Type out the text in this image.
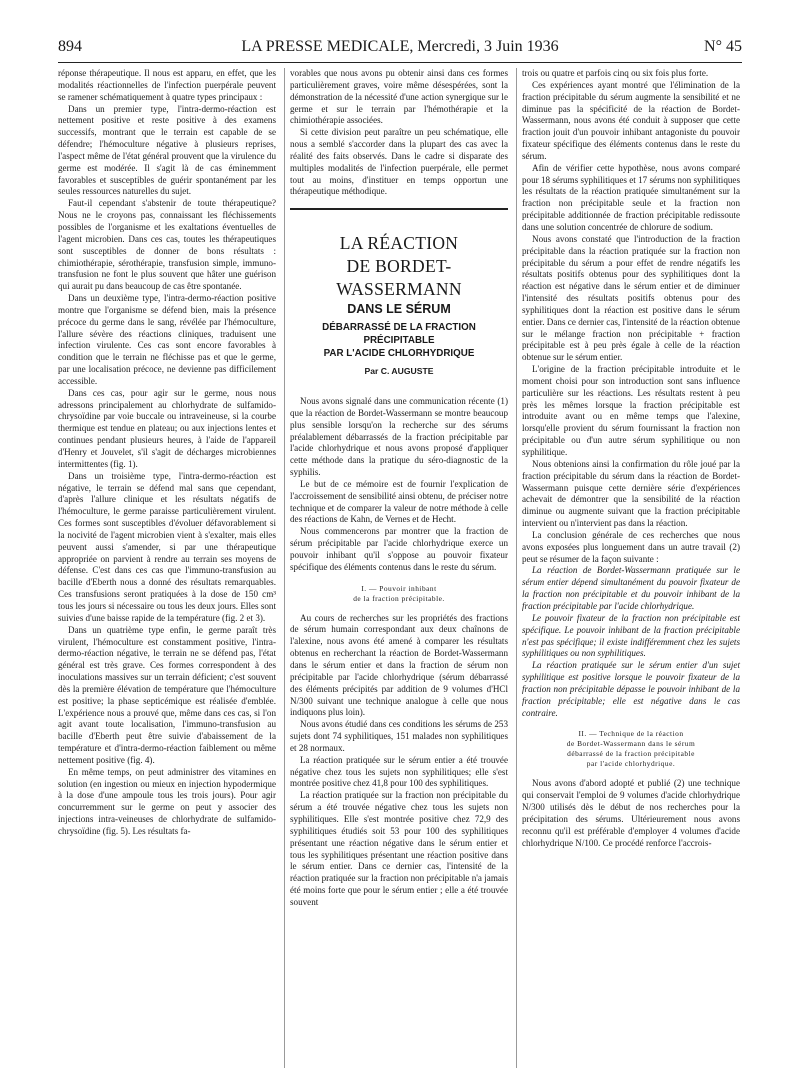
894	LA PRESSE MEDICALE, Mercredi, 3 Juin 1936	N° 45

réponse thérapeutique. Il nous est apparu, en effet, que les modalités réactionnelles de l'infection puerpérale peuvent se ramener schématiquement à quatre types principaux :

Dans un premier type, l'intra-dermo-réaction est nettement positive et reste positive à des examens successifs, montrant que le terrain est capable de se défendre; l'hémoculture négative à plusieurs reprises, l'aspect même de l'état général prouvent que la virulence du germe est modérée. Il s'agit là de cas éminemment favorables et susceptibles de guérir spontanément par les seules ressources naturelles du sujet.

Faut-il cependant s'abstenir de toute thérapeutique? Nous ne le croyons pas, connaissant les fléchissements possibles de l'organisme et les exaltations éventuelles de l'agent microbien. Dans ces cas, toutes les thérapeutiques sont susceptibles de donner de bons résultats : chimiothérapie, sérothérapie, transfusion simple, immuno-transfusion ne font le plus souvent que hâter une guérison qui aurait pu dans beaucoup de cas être spontanée.

Dans un deuxième type, l'intra-dermo-réaction positive montre que l'organisme se défend bien, mais la présence précoce du germe dans le sang, révélée par l'hémoculture, l'allure sévère des réactions cliniques, traduisent une infection virulente. Ces cas sont encore favorables à condition que le terrain ne fléchisse pas et que le germe, par une localisation précoce, ne devienne pas difficilement accessible.

Dans ces cas, pour agir sur le germe, nous nous adressons principalement au chlorhydrate de sulfamido-chrysoïdine par voie buccale ou intraveineuse, si la courbe thermique est tendue en plateau; ou aux injections lentes et continues pendant plusieurs heures, à l'aide de l'appareil d'Henry et Jouvelet, s'il s'agit de décharges microbiennes intermittentes (fig. 1).

Dans un troisième type, l'intra-dermo-réaction est négative, le terrain se défend mal sans que cependant, d'après l'allure clinique et les résultats négatifs de l'hémoculture, le germe paraisse particulièrement virulent. Ces formes sont susceptibles d'évoluer défavorablement si la nocivité de l'agent microbien vient à s'exalter, mais elles peuvent aussi s'amender, si par une thérapeutique appropriée on parvient à rendre au terrain ses moyens de défense. C'est dans ces cas que l'immuno-transfusion au bacille d'Eberth nous a donné des résultats remarquables. Ces transfusions seront pratiquées à la dose de 150 cm³ tous les jours si nécessaire ou tous les deux jours. Elles sont suivies d'une baisse rapide de la température (fig. 2 et 3).

Dans un quatrième type enfin, le germe paraît très virulent, l'hémoculture est constamment positive, l'intra-dermo-réaction négative, le terrain ne se défend pas, l'état général est très grave. Ces formes correspondent à des inoculations massives sur un terrain déficient; c'est souvent dès la première élévation de température que l'hémoculture est positive; la phase septicémique est réalisée d'emblée. L'expérience nous a prouvé que, même dans ces cas, si l'on agit avant toute localisation, l'immuno-transfusion au bacille d'Eberth peut être suivie d'abaissement de la température et d'intra-dermo-réaction faiblement ou même nettement positive (fig. 4).

En même temps, on peut administrer des vitamines en solution (en ingestion ou mieux en injection hypodermique à la dose d'une ampoule tous les trois jours). Pour agir concurremment sur le germe on peut y associer des injections intra-veineuses de chlorhydrate de sulfamido-chrysoïdine (fig. 5). Les résultats fa-

vorables que nous avons pu obtenir ainsi dans ces formes particulièrement graves, voire même désespérées, sont la démonstration de la nécessité d'une action synergique sur le germe et sur le terrain par l'hémothérapie et la chimiothérapie associées.

Si cette division peut paraître un peu schématique, elle nous a semblé s'accorder dans la plupart des cas avec la réalité des faits observés. Dans le cadre si disparate des multiples modalités de l'infection puerpérale, elle permet tout au moins, d'instituer en temps opportun une thérapeutique méthodique.

LA RÉACTION
DE BORDET-WASSERMANN
DANS LE SÉRUM
DÉBARRASSÉ DE LA FRACTION
PRÉCIPITABLE
PAR L'ACIDE CHLORHYDRIQUE
Par C. AUGUSTE

Nous avons signalé dans une communication récente (1) que la réaction de Bordet-Wassermann se montre beaucoup plus sensible lorsqu'on la recherche sur des sérums préalablement débarrassés de la fraction précipitable par l'acide chlorhydrique et nous avons proposé d'appliquer cette méthode dans la pratique du séro-diagnostic de la syphilis.

Le but de ce mémoire est de fournir l'explication de l'accroissement de sensibilité ainsi obtenu, de préciser notre technique et de comparer la valeur de notre méthode à celle des réactions de Kahn, de Vernes et de Hecht.

Nous commencerons par montrer que la fraction de sérum précipitable par l'acide chlorhydrique exerce un pouvoir inhibant qu'il s'oppose au pouvoir fixateur spécifique des éléments contenus dans le reste du sérum.

I. — Pouvoir inhibant
de la fraction précipitable.

Au cours de recherches sur les propriétés des fractions de sérum humain correspondant aux deux chaînons de l'alexine, nous avons été amené à comparer les résultats obtenus en recherchant la réaction de Bordet-Wassermann dans le sérum entier et dans la fraction de sérum non précipitable par l'acide chlorhydrique (sérum débarrassé des éléments précipités par addition de 9 volumes d'HCl N/300 suivant une technique analogue à celle que nous indiquons plus loin).

Nous avons étudié dans ces conditions les sérums de 253 sujets dont 74 syphilitiques, 151 malades non syphilitiques et 28 normaux.

La réaction pratiquée sur le sérum entier a été trouvée négative chez tous les sujets non syphilitiques; elle s'est montrée positive chez 41,8 pour 100 des syphilitiques.

La réaction pratiquée sur la fraction non précipitable du sérum a été trouvée négative chez tous les sujets non syphilitiques. Elle s'est montrée positive chez 72,9 des syphilitiques étudiés soit 53 pour 100 des syphilitiques présentant une réaction négative dans le sérum entier et tous les syphilitiques présentant une réaction positive dans le sérum entier. Dans ce dernier cas, l'intensité de la réaction pratiquée sur la fraction non précipitable n'a jamais été moins forte que pour le sérum entier ; elle a été trouvée souvent

trois ou quatre et parfois cinq ou six fois plus forte.

Ces expériences ayant montré que l'élimination de la fraction précipitable du sérum augmente la sensibilité et ne diminue pas la spécificité de la réaction de Bordet-Wassermann, nous avons été conduit à supposer que cette fraction jouit d'un pouvoir inhibant antagoniste du pouvoir fixateur spécifique des éléments contenus dans le reste du sérum.

Afin de vérifier cette hypothèse, nous avons comparé pour 18 sérums syphilitiques et 17 sérums non syphilitiques les résultats de la réaction pratiquée simultanément sur la fraction non précipitable seule et la fraction non précipitable additionnée de fraction précipitable redissoute dans une solution concentrée de chlorure de sodium.

Nous avons constaté que l'introduction de la fraction précipitable dans la réaction pratiquée sur la fraction non précipitable du sérum a pour effet de rendre négatifs les résultats positifs obtenus pour des syphilitiques dont la réaction est négative dans le sérum entier et de diminuer l'intensité des résultats positifs obtenus pour des syphilitiques dont la réaction est positive dans le sérum entier. Dans ce dernier cas, l'intensité de la réaction obtenue sur le mélange fraction non précipitable + fraction précipitable est à peu près égale à celle de la réaction obtenue sur le sérum entier.

L'origine de la fraction précipitable introduite et le moment choisi pour son introduction sont sans influence particulière sur les réactions. Les résultats restent à peu près les mêmes lorsque la fraction précipitable est introduite avant ou en même temps que l'alexine, lorsqu'elle provient du sérum fournissant la fraction non précipitable ou d'un autre sérum syphilitique ou non syphilitique.

Nous obtenions ainsi la confirmation du rôle joué par la fraction précipitable du sérum dans la réaction de Bordet-Wassermann puisque cette dernière série d'expériences achevait de démontrer que la sensibilité de la réaction diminue ou augmente suivant que la fraction précipitable intervient ou n'intervient pas dans la réaction.

La conclusion générale de ces recherches que nous avons exposées plus longuement dans un autre travail (2) peut se résumer de la façon suivante :

La réaction de Bordet-Wassermann pratiquée sur le sérum entier dépend simultanément du pouvoir fixateur de la fraction non précipitable et du pouvoir inhibant de la fraction précipitable par l'acide chlorhydrique.

Le pouvoir fixateur de la fraction non précipitable est spécifique. Le pouvoir inhibant de la fraction précipitable n'est pas spécifique; il existe indifféremment chez les sujets syphilitiques ou non syphilitiques.

La réaction pratiquée sur le sérum entier d'un sujet syphilitique est positive lorsque le pouvoir fixateur de la fraction non précipitable dépasse le pouvoir inhibant de la fraction précipitable; elle est négative dans le cas contraire.

II. — Technique de la réaction
de Bordet-Wassermann dans le sérum
débarrassé de la fraction précipitable
par l'acide chlorhydrique.

Nous avons d'abord adopté et publié (2) une technique qui conservait l'emploi de 9 volumes d'acide chlorhydrique N/300 utilisés dès le début de nos recherches pour la précipitation des sérums. Ultérieurement nous avons reconnu qu'il est préférable d'employer 4 volumes d'acide chlorhydrique N/100. Ce procédé renforce l'accrois-
